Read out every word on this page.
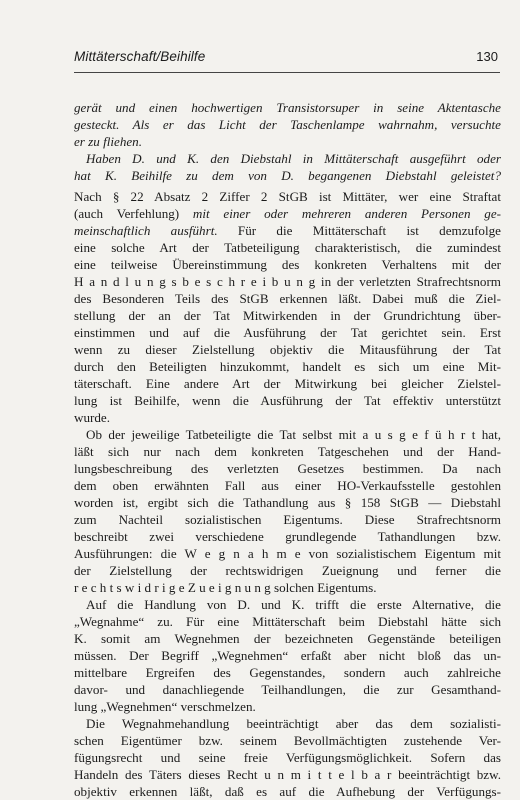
Mittäterschaft/Beihilfe	130
gerät und einen hochwertigen Transistorsuper in seine Aktentasche
gesteckt. Als er das Licht der Taschenlampe wahrnahm, versuchte
er zu fliehen.
Haben D. und K. den Diebstahl in Mittäterschaft ausgeführt oder
hat K. Beihilfe zu dem von D. begangenen Diebstahl geleistet?
Nach § 22 Absatz 2 Ziffer 2 StGB ist Mittäter, wer eine Straftat
(auch Verfehlung) mit einer oder mehreren anderen Personen ge-
meinschaftlich ausführt. Für die Mittäterschaft ist demzufolge
eine solche Art der Tatbeteiligung charakteristisch, die zumindest
eine teilweise Übereinstimmung des konkreten Verhaltens mit der
H a n d l u n g s b e s c h r e i b u n g in der verletzten Strafrechtsnorm
des Besonderen Teils des StGB erkennen läßt. Dabei muß die Ziel-
stellung der an der Tat Mitwirkenden in der Grundrichtung über-
einstimmen und auf die Ausführung der Tat gerichtet sein. Erst
wenn zu dieser Zielstellung objektiv die Mitausführung der Tat
durch den Beteiligten hinzukommt, handelt es sich um eine Mit-
täterschaft. Eine andere Art der Mitwirkung bei gleicher Zielstel-
lung ist Beihilfe, wenn die Ausführung der Tat effektiv unterstützt
wurde.
Ob der jeweilige Tatbeteiligte die Tat selbst mit a u s g e f ü h r t hat,
läßt sich nur nach dem konkreten Tatgeschehen und der Hand-
lungsbeschreibung des verletzten Gesetzes bestimmen. Da nach
dem oben erwähnten Fall aus einer HO-Verkaufsstelle gestohlen
worden ist, ergibt sich die Tathandlung aus § 158 StGB — Diebstahl
zum Nachteil sozialistischen Eigentums. Diese Strafrechtsnorm
beschreibt zwei verschiedene grundlegende Tathandlungen bzw.
Ausführungen: die W e g n a h m e von sozialistischem Eigentum mit
der Zielstellung der rechtswidrigen Zueignung und ferner die
r e c h t s w i d r i g e Z u e i g n u n g solchen Eigentums.
Auf die Handlung von D. und K. trifft die erste Alternative, die
„Wegnahme“ zu. Für eine Mittäterschaft beim Diebstahl hätte sich
K. somit am Wegnehmen der bezeichneten Gegenstände beteiligen
müssen. Der Begriff „Wegnehmen“ erfaßt aber nicht bloß das un-
mittelbare Ergreifen des Gegenstandes, sondern auch zahlreiche
davor- und danachliegende Teilhandlungen, die zur Gesamthand-
lung „Wegnehmen“ verschmelzen.
Die Wegnahmehandlung beeinträchtigt aber das dem sozialisti-
schen Eigentümer bzw. seinem Bevollmächtigten zustehende Ver-
fügungsrecht und seine freie Verfügungsmöglichkeit. Sofern das
Handeln des Täters dieses Recht u n m i t t e l b a r beeinträchtigt bzw.
objektiv erkennen läßt, daß es auf die Aufhebung der Verfügungs-
